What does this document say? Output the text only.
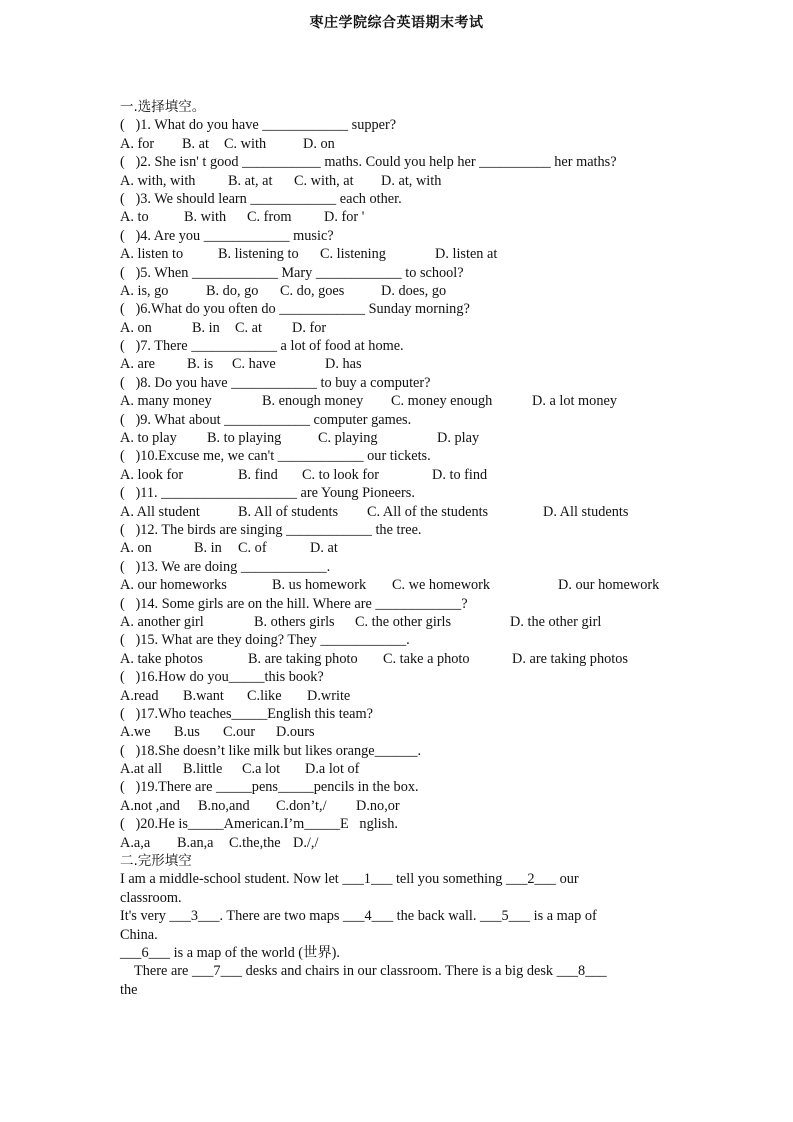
枣庄学院综合英语期末考试
一.选择填空。
(   )1. What do you have ____________ supper?
A. for B. at C. with	D. on
(   )2. She isn' t good ___________ maths. Could you help her __________ her maths?
A. with, with B. at, at C. with, at D. at, with
(   )3. We should learn ____________ each other.
A. to B. with C. from D. for '
(   )4. Are you ____________ music?
A. listen to B. listening to C. listening	D. listen at
(   )5. When ____________ Mary ____________ to school?
A. is, go	B. do, go C. do, goes	D. does, go
(   )6.What do you often do ____________ Sunday morning?
A. on	B. in C. at D. for
(   )7. There ____________ a lot of food at home.
A. are B. is C. have	D. has
(   )8. Do you have ____________ to buy a computer?
A. many money	B. enough money C. money enough	D. a lot money
(   )9. What about ____________ computer games.
A. to play B. to playing	C. playing	D. play
(   )10.Excuse me, we can't ____________ our tickets.
A. look for	B. find C. to look for	D. to find
(   )11. ___________________ are Young Pioneers.
A. All student	B. All of students C. All of the students	D. All students
(   )12. The birds are singing ____________ the tree.
A. on	B. in C. of	D. at
(   )13. We are doing ____________.
A. our homeworks	B. us homework C. we homework	D. our homework
(   )14. Some girls are on the hill. Where are ____________?
A. another girl	B. others girls C. the other girls	D. the other girl
(   )15. What are they doing? They ____________.
A. take photos	B. are taking photo C. take a photo	D. are taking photos
(   )16.How do you_____this book?
A.read B.want C.like D.write
(   )17.Who teaches_____English this team?
A.we B.us C.our D.ours
(   )18.She doesn’t like milk but likes orange______.
A.at all B.little C.a lot D.a lot of
(   )19.There are _____pens_____pencils in the box.
A.not ,and B.no,and C.don’t,/ D.no,or
(   )20.He is_____American.I’m_____E   nglish.
A.a,a B.an,a C.the,the D./,/
二.完形填空
I am a middle-school student. Now let ___1___ tell you something ___2___ our
classroom.
It's very ___3___. There are two maps ___4___ the back wall. ___5___ is a map of
China.
___6___ is a map of the world (世界).
There are ___7___ desks and chairs in our classroom. There is a big desk ___8___
the
